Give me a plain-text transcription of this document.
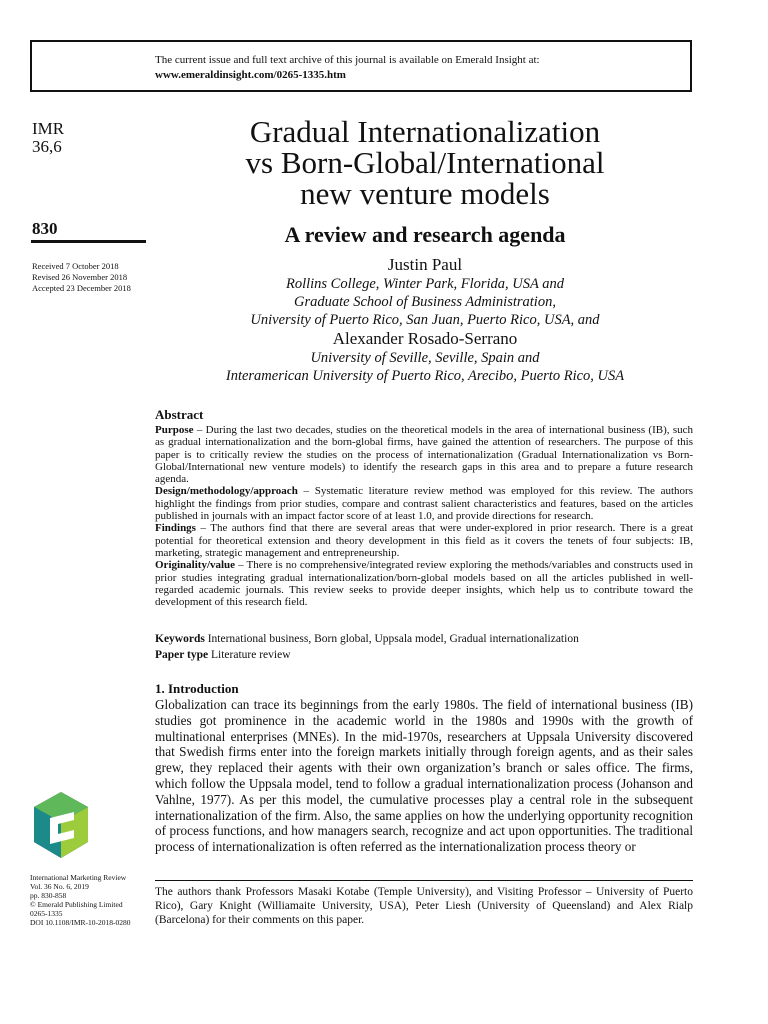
The current issue and full text archive of this journal is available on Emerald Insight at:
www.emeraldinsight.com/0265-1335.htm
IMR
36,6
830
Received 7 October 2018
Revised 26 November 2018
Accepted 23 December 2018
International Marketing Review
Vol. 36 No. 6, 2019
pp. 830-858
© Emerald Publishing Limited
0265-1335
DOI 10.1108/IMR-10-2018-0280
Gradual Internationalization
vs Born-Global/International
new venture models
A review and research agenda
Justin Paul
Rollins College, Winter Park, Florida, USA and
Graduate School of Business Administration,
University of Puerto Rico, San Juan, Puerto Rico, USA, and
Alexander Rosado-Serrano
University of Seville, Seville, Spain and
Interamerican University of Puerto Rico, Arecibo, Puerto Rico, USA
Abstract

Purpose – During the last two decades, studies on the theoretical models in the area of international business (IB), such as gradual internationalization and the born-global firms, have gained the attention of researchers. The purpose of this paper is to critically review the studies on the process of internationalization (Gradual Internationalization vs Born-Global/International new venture models) to identify the research gaps in this area and to prepare a future research agenda.

Design/methodology/approach – Systematic literature review method was employed for this review. The authors highlight the findings from prior studies, compare and contrast salient characteristics and features, based on the articles published in journals with an impact factor score of at least 1.0, and provide directions for research.

Findings – The authors find that there are several areas that were under-explored in prior research. There is a great potential for theoretical extension and theory development in this field as it covers the tenets of four subjects: IB, marketing, strategic management and entrepreneurship.

Originality/value – There is no comprehensive/integrated review exploring the methods/variables and constructs used in prior studies integrating gradual internationalization/born-global models based on all the articles published in well-regarded academic journals. This review seeks to provide deeper insights, which help us to contribute toward the development of this research field.

Keywords International business, Born global, Uppsala model, Gradual internationalization
Paper type Literature review
1. Introduction
Globalization can trace its beginnings from the early 1980s. The field of international business (IB) studies got prominence in the academic world in the 1980s and 1990s with the growth of multinational enterprises (MNEs). In the mid-1970s, researchers at Uppsala University discovered that Swedish firms enter into the foreign markets initially through foreign agents, and as their sales grew, they replaced their agents with their own organization’s branch or sales office. The firms, which follow the Uppsala model, tend to follow a gradual internationalization process (Johanson and Vahlne, 1977). As per this model, the cumulative processes play a central role in the subsequent internationalization of the firm. Also, the same applies on how the underlying opportunity recognition of process functions, and how managers search, recognize and act upon opportunities. The traditional process of internationalization is often referred as the internationalization process theory or
The authors thank Professors Masaki Kotabe (Temple University), and Visiting Professor – University of Puerto Rico), Gary Knight (Williamaite University, USA), Peter Liesh (University of Queensland) and Alex Rialp (Barcelona) for their comments on this paper.
